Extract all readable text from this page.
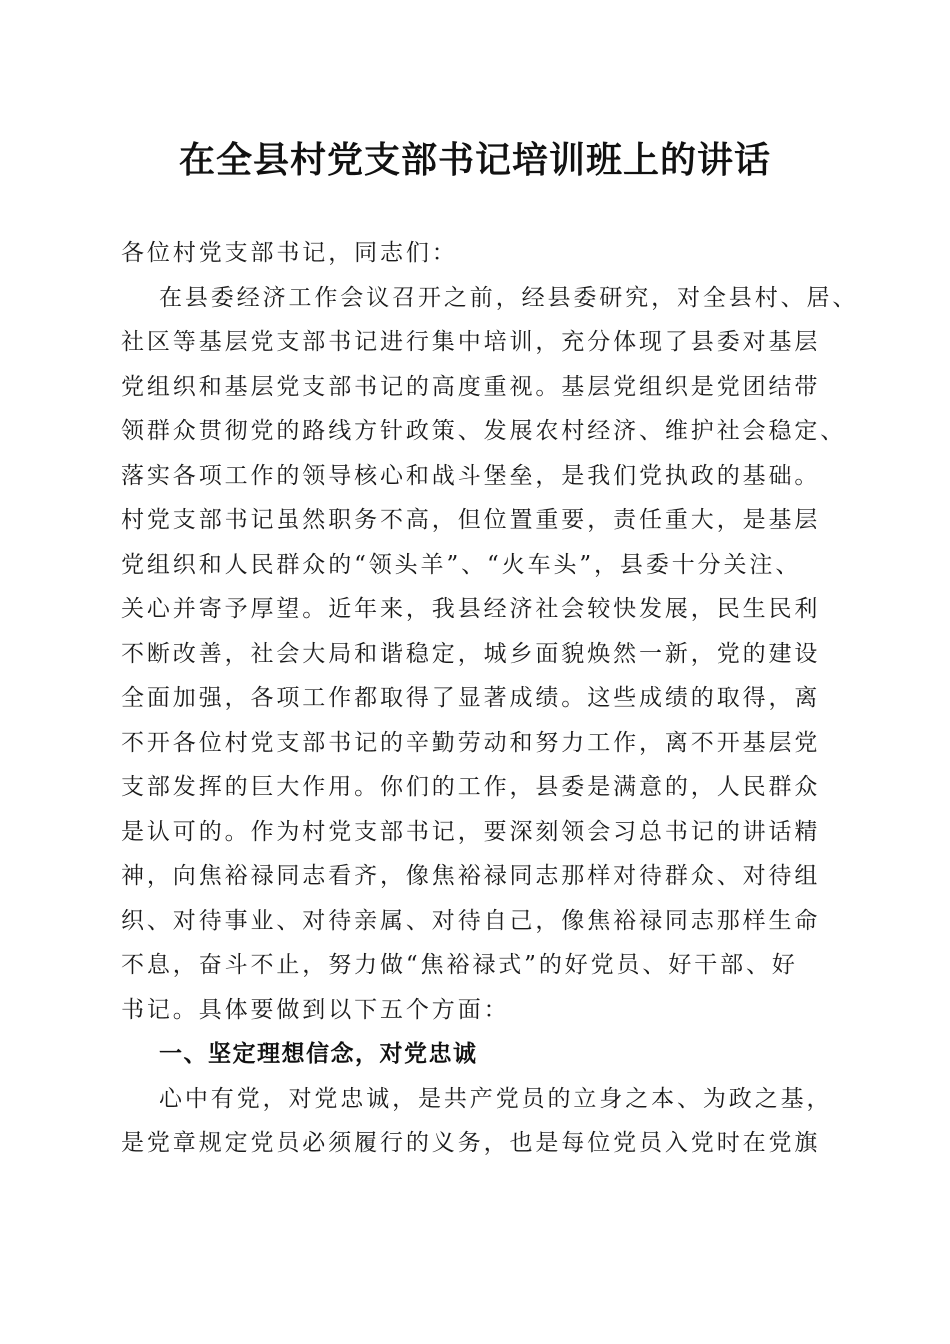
在全县村党支部书记培训班上的讲话

各位村党支部书记，同志们：

在县委经济工作会议召开之前，经县委研究，对全县村、居、

社区等基层党支部书记进行集中培训，充分体现了县委对基层

党组织和基层党支部书记的高度重视。基层党组织是党团结带

领群众贯彻党的路线方针政策、发展农村经济、维护社会稳定、

落实各项工作的领导核心和战斗堡垒，是我们党执政的基础。

村党支部书记虽然职务不高，但位置重要，责任重大，是基层

党组织和人民群众的“领头羊”、“火车头”，县委十分关注、

关心并寄予厚望。近年来，我县经济社会较快发展，民生民利

不断改善，社会大局和谐稳定，城乡面貌焕然一新，党的建设

全面加强，各项工作都取得了显著成绩。这些成绩的取得，离

不开各位村党支部书记的辛勤劳动和努力工作，离不开基层党

支部发挥的巨大作用。你们的工作，县委是满意的，人民群众

是认可的。作为村党支部书记，要深刻领会习总书记的讲话精

神，向焦裕禄同志看齐，像焦裕禄同志那样对待群众、对待组

织、对待事业、对待亲属、对待自己，像焦裕禄同志那样生命

不息，奋斗不止，努力做“焦裕禄式”的好党员、好干部、好

书记。具体要做到以下五个方面：

一、坚定理想信念，对党忠诚

心中有党，对党忠诚，是共产党员的立身之本、为政之基，

是党章规定党员必须履行的义务，也是每位党员入党时在党旗
